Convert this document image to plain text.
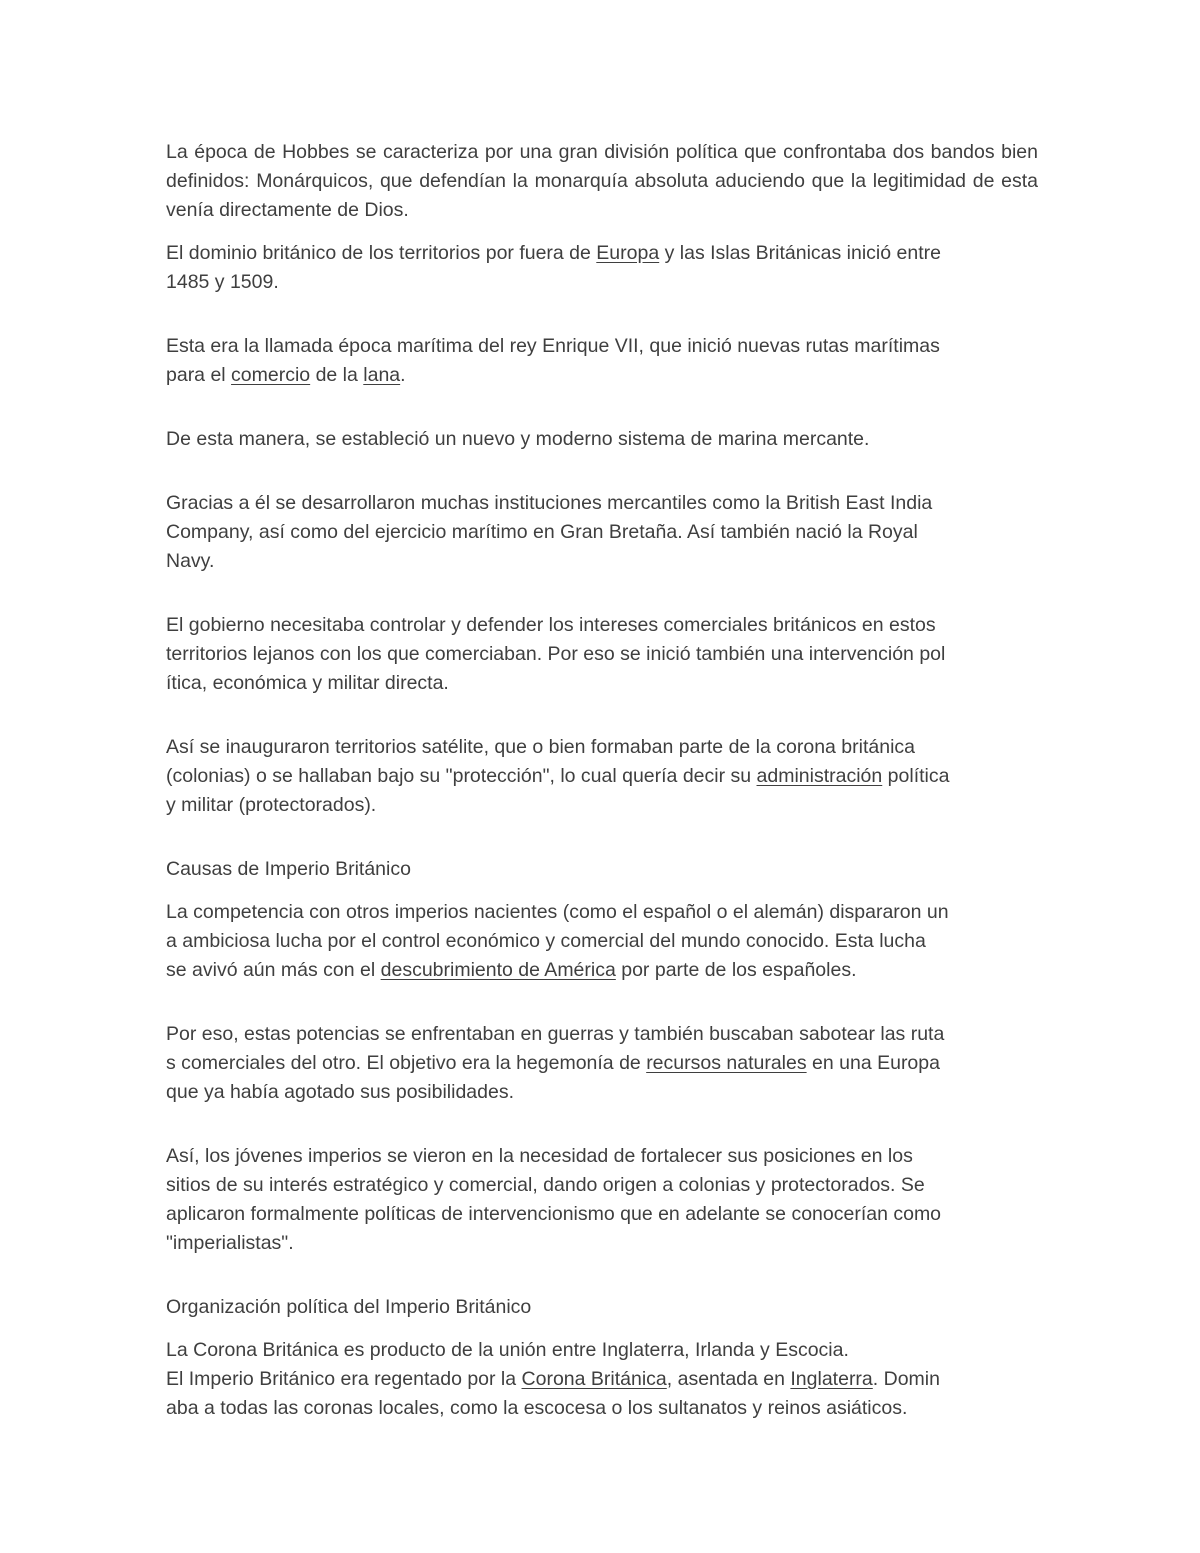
La época de Hobbes se caracteriza por una gran división política que confrontaba dos bandos bien definidos: Monárquicos, que defendían la monarquía absoluta aduciendo que la legitimidad de esta venía directamente de Dios.

El dominio británico de los territorios por fuera de Europa y las Islas Británicas inició entre
1485 y 1509.

Esta era la llamada época marítima del rey Enrique VII, que inició nuevas rutas marítimas
para el comercio de la lana.

De esta manera, se estableció un nuevo y moderno sistema de marina mercante.

Gracias a él se desarrollaron muchas instituciones mercantiles como la British East India
Company, así como del ejercicio marítimo en Gran Bretaña. Así también nació la Royal
Navy.

El gobierno necesitaba controlar y defender los intereses comerciales británicos en estos
territorios lejanos con los que comerciaban. Por eso se inició también una intervención pol
ítica, económica y militar directa.

Así se inauguraron territorios satélite, que o bien formaban parte de la corona británica
(colonias) o se hallaban bajo su "protección", lo cual quería decir su administración política
y militar (protectorados).

Causas de Imperio Británico

La competencia con otros imperios nacientes (como el español o el alemán) dispararon un
a ambiciosa lucha por el control económico y comercial del mundo conocido. Esta lucha
se avivó aún más con el descubrimiento de América por parte de los españoles.

Por eso, estas potencias se enfrentaban en guerras y también buscaban sabotear las ruta
s comerciales del otro. El objetivo era la hegemonía de recursos naturales en una Europa
que ya había agotado sus posibilidades.

Así, los jóvenes imperios se vieron en la necesidad de fortalecer sus posiciones en los
sitios de su interés estratégico y comercial, dando origen a colonias y protectorados. Se
aplicaron formalmente políticas de intervencionismo que en adelante se conocerían como
"imperialistas".

Organización política del Imperio Británico

La Corona Británica es producto de la unión entre Inglaterra, Irlanda y Escocia.

El Imperio Británico era regentado por la Corona Británica, asentada en Inglaterra. Domin
aba a todas las coronas locales, como la escocesa o los sultanatos y reinos asiáticos.
